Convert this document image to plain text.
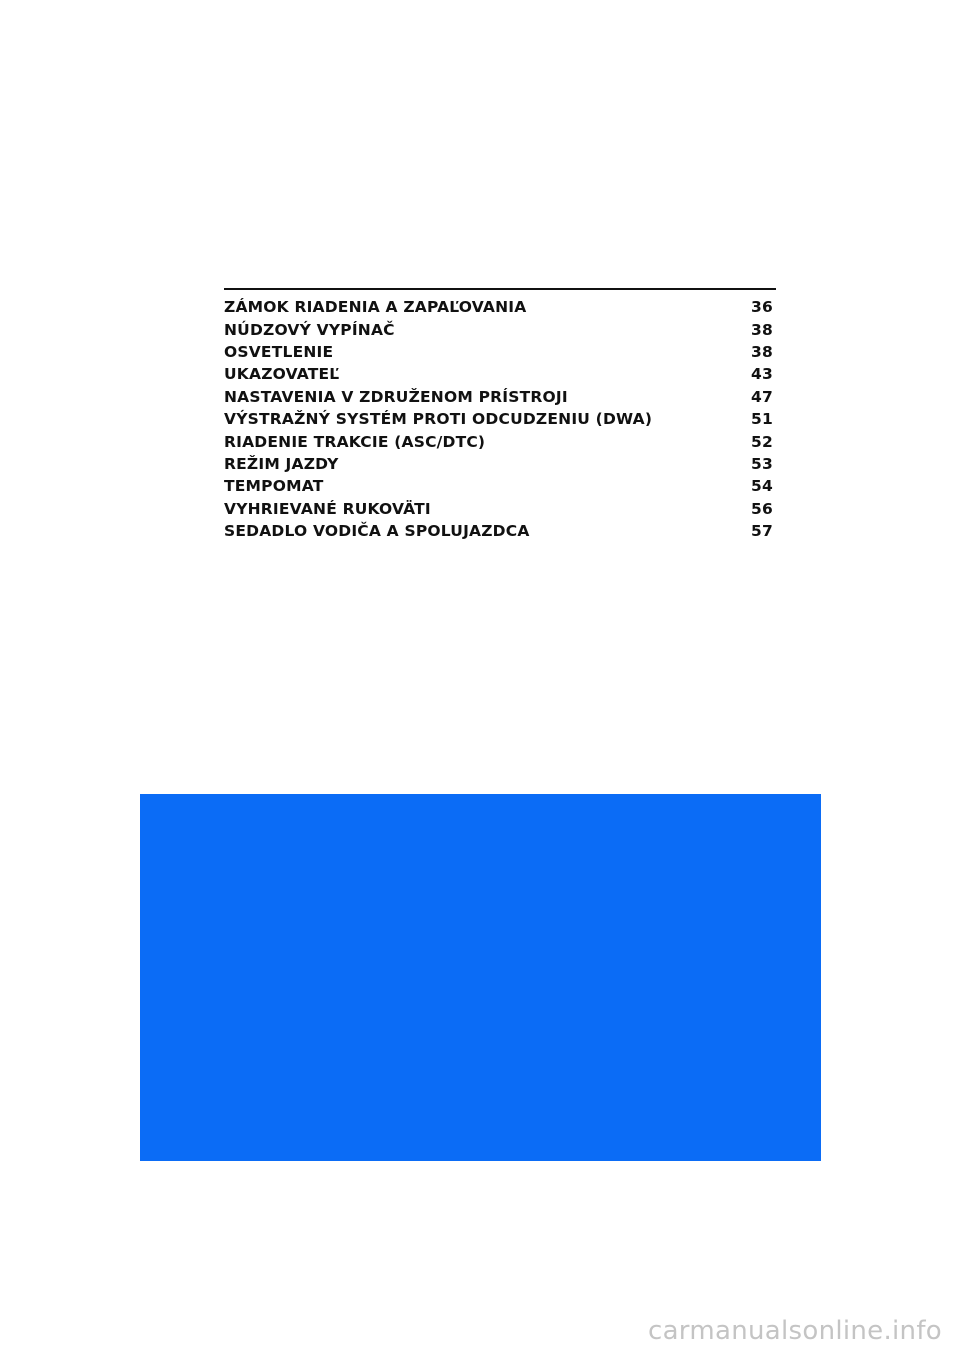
ZÁMOK RIADENIA A ZAPAĽOVANIA	36
NÚDZOVÝ VYPÍNAČ	38
OSVETLENIE	38
UKAZOVATEĽ	43
NASTAVENIA V ZDRUŽENOM PRÍSTROJI	47
VÝSTRAŽNÝ SYSTÉM PROTI ODCUDZENIU (DWA)	51
RIADENIE TRAKCIE (ASC/DTC)	52
REŽIM JAZDY	53
TEMPOMAT	54
VYHRIEVANÉ RUKOVÄTI	56
SEDADLO VODIČA A SPOLUJAZDCA	57
carmanualsonline.info
